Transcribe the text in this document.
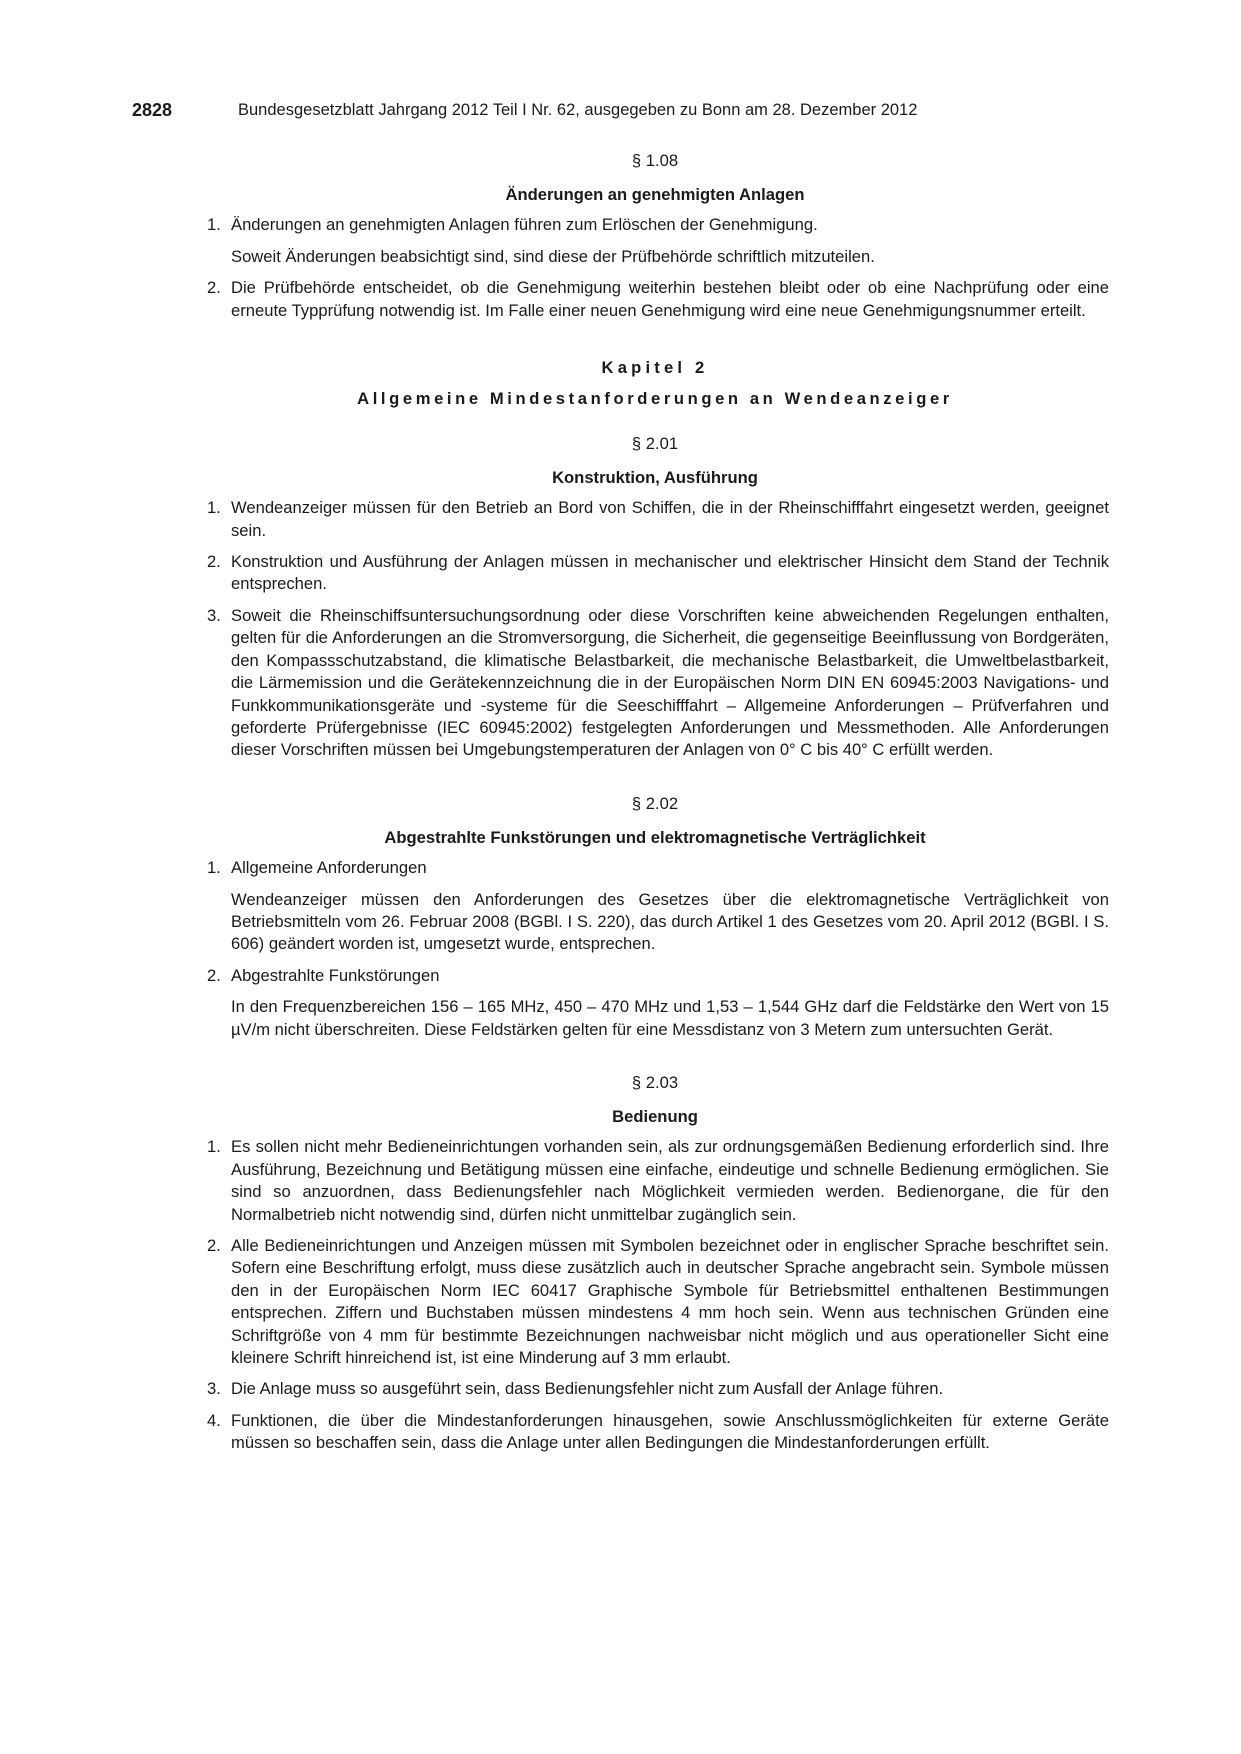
2828	Bundesgesetzblatt Jahrgang 2012 Teil I Nr. 62, ausgegeben zu Bonn am 28. Dezember 2012
§ 1.08
Änderungen an genehmigten Anlagen
1. Änderungen an genehmigten Anlagen führen zum Erlöschen der Genehmigung.
Soweit Änderungen beabsichtigt sind, sind diese der Prüfbehörde schriftlich mitzuteilen.
2. Die Prüfbehörde entscheidet, ob die Genehmigung weiterhin bestehen bleibt oder ob eine Nachprüfung oder eine erneute Typprüfung notwendig ist. Im Falle einer neuen Genehmigung wird eine neue Genehmigungsnummer erteilt.
Kapitel 2
Allgemeine Mindestanforderungen an Wendeanzeiger
§ 2.01
Konstruktion, Ausführung
1. Wendeanzeiger müssen für den Betrieb an Bord von Schiffen, die in der Rheinschifffahrt eingesetzt werden, geeignet sein.
2. Konstruktion und Ausführung der Anlagen müssen in mechanischer und elektrischer Hinsicht dem Stand der Technik entsprechen.
3. Soweit die Rheinschiffsuntersuchungsordnung oder diese Vorschriften keine abweichenden Regelungen enthalten, gelten für die Anforderungen an die Stromversorgung, die Sicherheit, die gegenseitige Beeinflussung von Bordgeräten, den Kompassschutzabstand, die klimatische Belastbarkeit, die mechanische Belastbarkeit, die Umweltbelastbarkeit, die Lärmemission und die Gerätekennzeichnung die in der Europäischen Norm DIN EN 60945:2003 Navigations- und Funkkommunikationsgeräte und -systeme für die Seeschifffahrt – Allgemeine Anforderungen – Prüfverfahren und geforderte Prüfergebnisse (IEC 60945:2002) festgelegten Anforderungen und Messmethoden. Alle Anforderungen dieser Vorschriften müssen bei Umgebungstemperaturen der Anlagen von 0° C bis 40° C erfüllt werden.
§ 2.02
Abgestrahlte Funkstörungen und elektromagnetische Verträglichkeit
1. Allgemeine Anforderungen
Wendeanzeiger müssen den Anforderungen des Gesetzes über die elektromagnetische Verträglichkeit von Betriebsmitteln vom 26. Februar 2008 (BGBl. I S. 220), das durch Artikel 1 des Gesetzes vom 20. April 2012 (BGBl. I S. 606) geändert worden ist, umgesetzt wurde, entsprechen.
2. Abgestrahlte Funkstörungen
In den Frequenzbereichen 156 – 165 MHz, 450 – 470 MHz und 1,53 – 1,544 GHz darf die Feldstärke den Wert von 15 µV/m nicht überschreiten. Diese Feldstärken gelten für eine Messdistanz von 3 Metern zum untersuchten Gerät.
§ 2.03
Bedienung
1. Es sollen nicht mehr Bedieneinrichtungen vorhanden sein, als zur ordnungsgemäßen Bedienung erforderlich sind. Ihre Ausführung, Bezeichnung und Betätigung müssen eine einfache, eindeutige und schnelle Bedienung ermöglichen. Sie sind so anzuordnen, dass Bedienungsfehler nach Möglichkeit vermieden werden. Bedienorgane, die für den Normalbetrieb nicht notwendig sind, dürfen nicht unmittelbar zugänglich sein.
2. Alle Bedieneinrichtungen und Anzeigen müssen mit Symbolen bezeichnet oder in englischer Sprache beschriftet sein. Sofern eine Beschriftung erfolgt, muss diese zusätzlich auch in deutscher Sprache angebracht sein. Symbole müssen den in der Europäischen Norm IEC 60417 Graphische Symbole für Betriebsmittel enthaltenen Bestimmungen entsprechen. Ziffern und Buchstaben müssen mindestens 4 mm hoch sein. Wenn aus technischen Gründen eine Schriftgröße von 4 mm für bestimmte Bezeichnungen nachweisbar nicht möglich und aus operationeller Sicht eine kleinere Schrift hinreichend ist, ist eine Minderung auf 3 mm erlaubt.
3. Die Anlage muss so ausgeführt sein, dass Bedienungsfehler nicht zum Ausfall der Anlage führen.
4. Funktionen, die über die Mindestanforderungen hinausgehen, sowie Anschlussmöglichkeiten für externe Geräte müssen so beschaffen sein, dass die Anlage unter allen Bedingungen die Mindestanforderungen erfüllt.
